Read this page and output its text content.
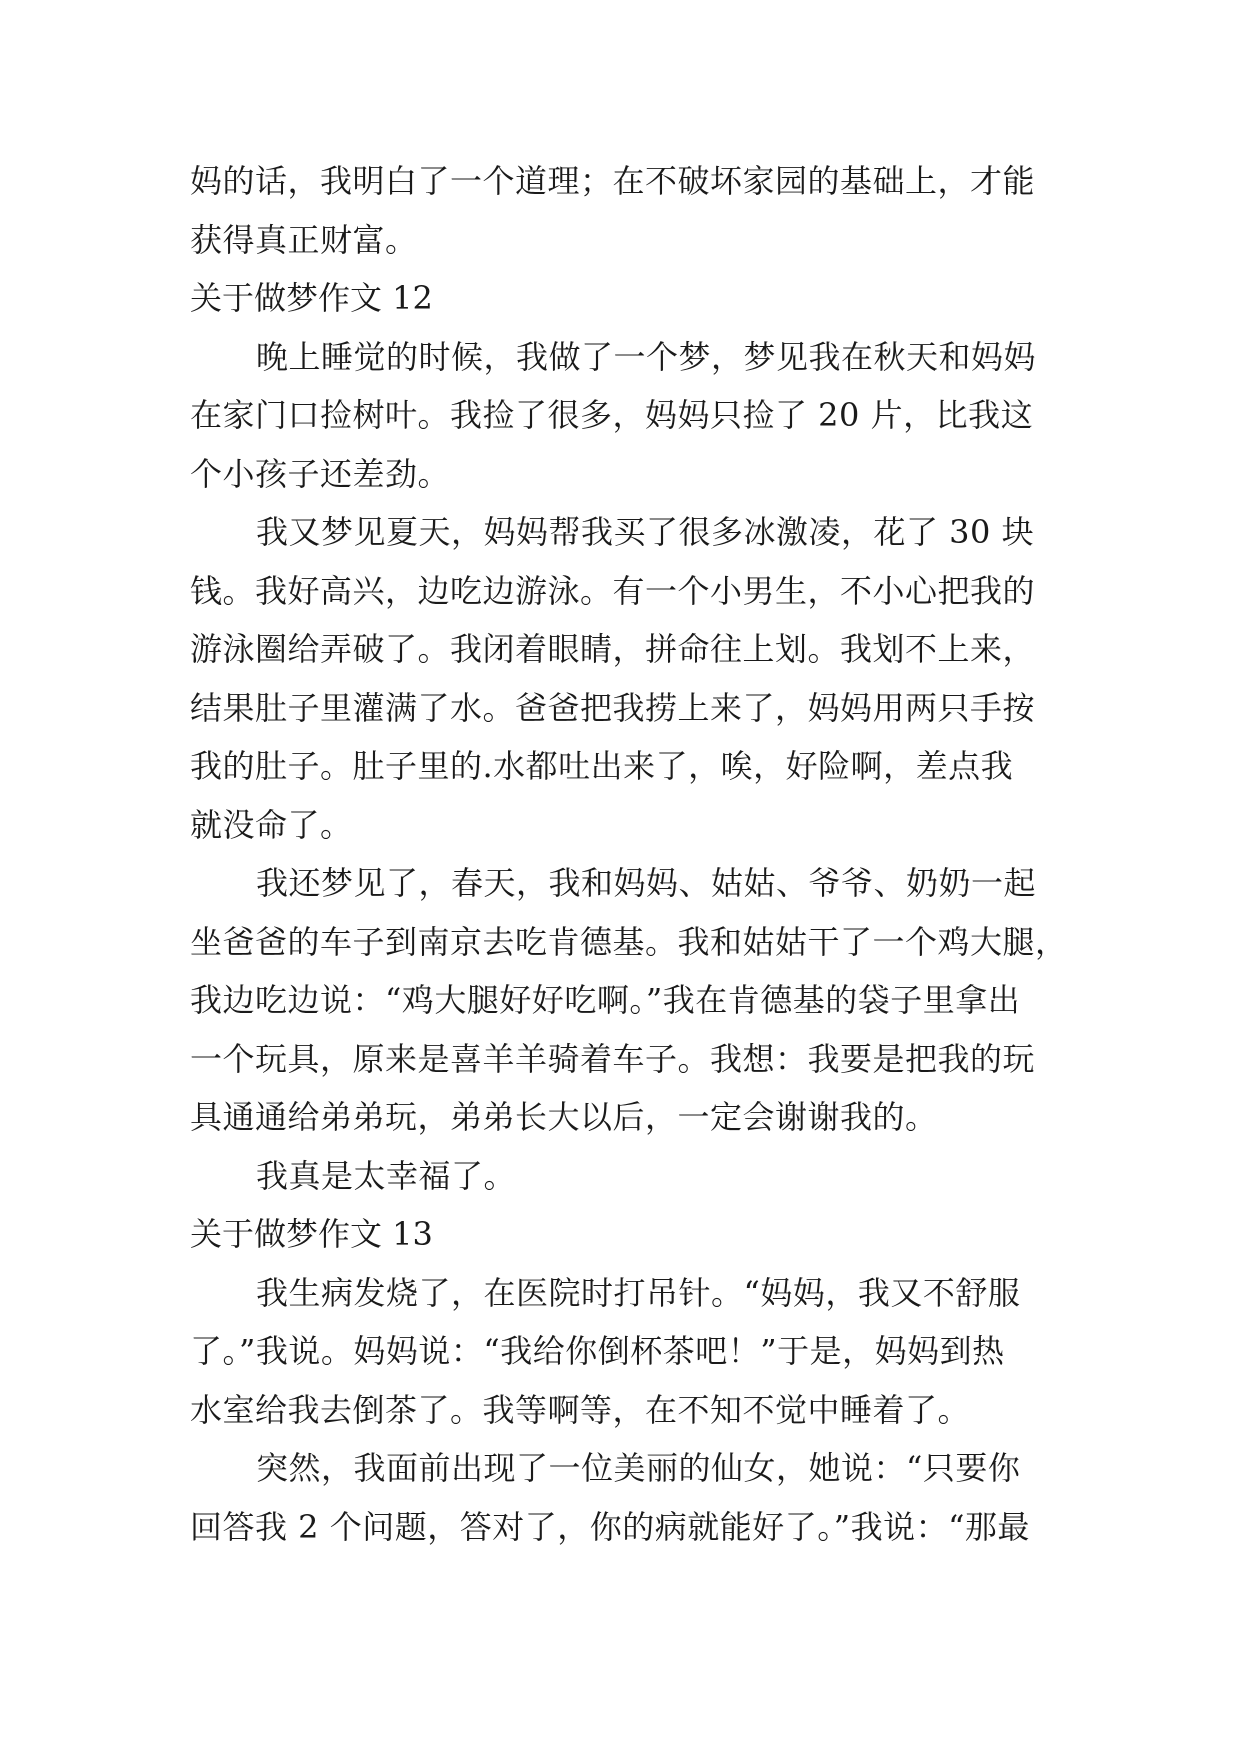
妈的话，我明白了一个道理；在不破坏家园的基础上，才能
获得真正财富。
关于做梦作文 12
晚上睡觉的时候，我做了一个梦，梦见我在秋天和妈妈
在家门口捡树叶。我捡了很多，妈妈只捡了 20 片，比我这
个小孩子还差劲。
我又梦见夏天，妈妈帮我买了很多冰激凌，花了 30 块
钱。我好高兴，边吃边游泳。有一个小男生，不小心把我的
游泳圈给弄破了。我闭着眼睛，拼命往上划。我划不上来，
结果肚子里灌满了水。爸爸把我捞上来了，妈妈用两只手按
我的肚子。肚子里的.水都吐出来了，唉，好险啊，差点我
就没命了。
我还梦见了，春天，我和妈妈、姑姑、爷爷、奶奶一起
坐爸爸的车子到南京去吃肯德基。我和姑姑干了一个鸡大腿，
我边吃边说：“鸡大腿好好吃啊。”我在肯德基的袋子里拿出
一个玩具，原来是喜羊羊骑着车子。我想：我要是把我的玩
具通通给弟弟玩，弟弟长大以后，一定会谢谢我的。
我真是太幸福了。
关于做梦作文 13
我生病发烧了，在医院时打吊针。“妈妈，我又不舒服
了。”我说。妈妈说：“我给你倒杯茶吧！”于是，妈妈到热
水室给我去倒茶了。我等啊等，在不知不觉中睡着了。
突然，我面前出现了一位美丽的仙女，她说：“只要你
回答我 2 个问题，答对了，你的病就能好了。”我说：“那最
